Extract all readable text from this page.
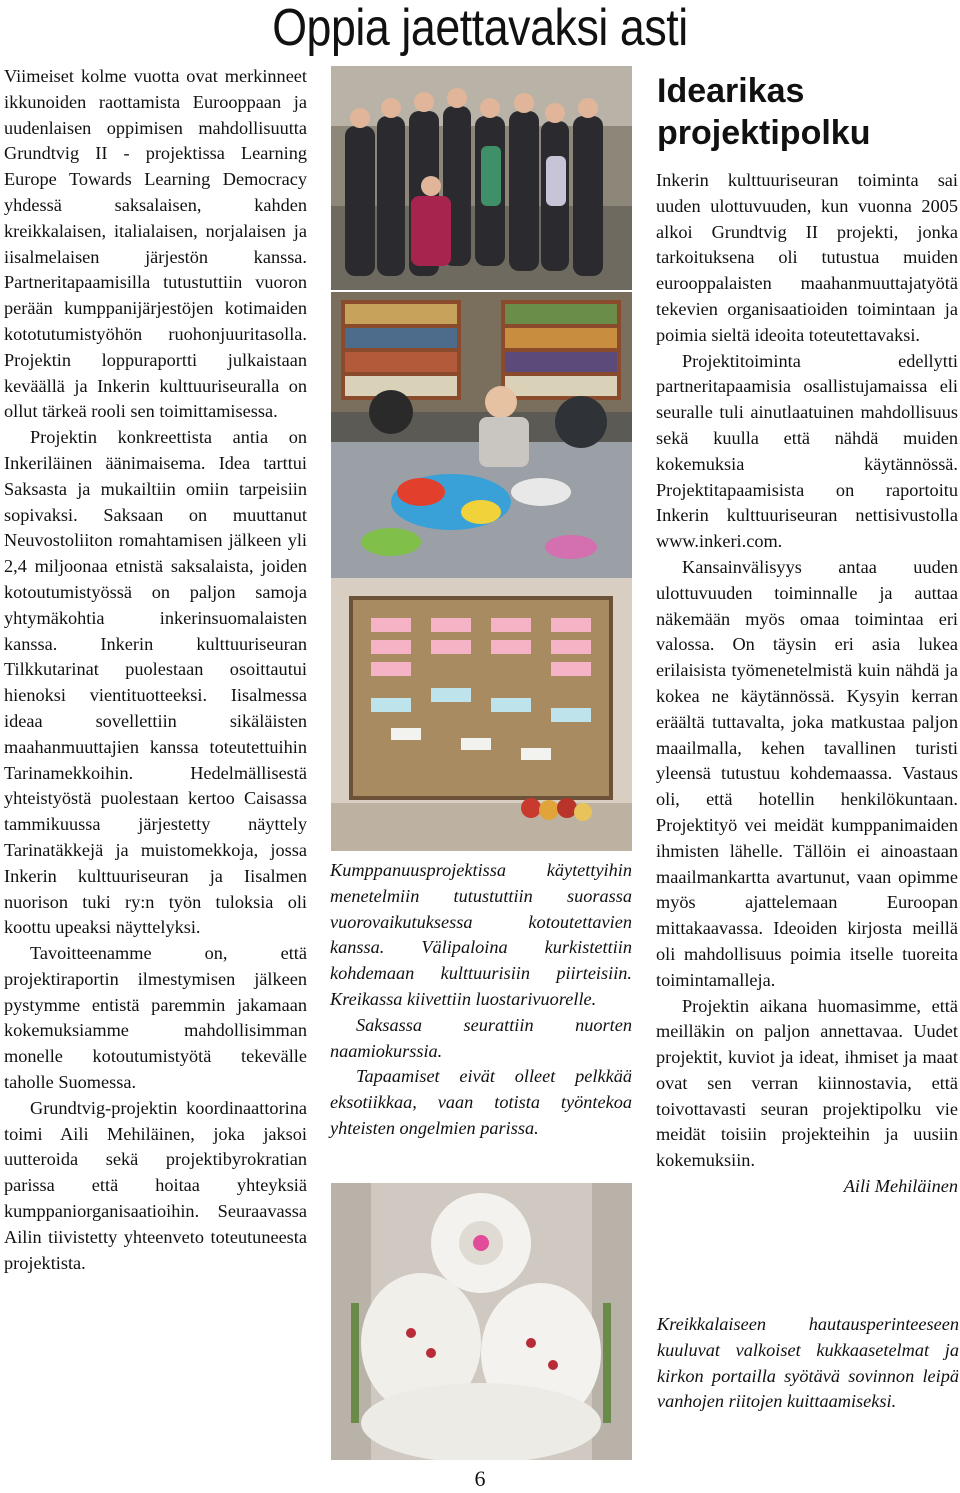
Oppia jaettavaksi asti

Viimeiset kolme vuotta ovat merkinneet ikkunoiden raottamista Eurooppaan ja uudenlaisen oppimisen mahdollisuutta Grundtvig II - projektissa Learning Europe Towards Learning Democracy yhdessä saksalaisen, kahden kreikkalaisen, italialaisen, norjalaisen ja iisalmelaisen järjestön kanssa. Partneritapaamisilla tutustuttiin vuoron perään kumppanijärjestöjen kotimaiden kototutumistyöhön ruohonjuuritasolla. Projektin loppuraportti julkaistaan keväällä ja Inkerin kulttuuriseuralla on ollut tärkeä rooli sen toimittamisessa.

Projektin konkreettista antia on Inkeriläinen äänimaisema. Idea tarttui Saksasta ja mukailtiin omiin tarpeisiin sopivaksi. Saksaan on muuttanut Neuvostoliiton romahtamisen jälkeen yli 2,4 miljoonaa etnistä saksalaista, joiden kotoutumistyössä on paljon samoja yhtymäkohtia inkerinsuomalaisten kanssa. Inkerin kulttuuriseuran Tilkkutarinat puolestaan osoittautui hienoksi vientituotteeksi. Iisalmessa ideaa sovellettiin sikäläisten maahanmuuttajien kanssa toteutettuihin Tarinamekkoihin. Hedelmällisestä yhteistyöstä puolestaan kertoo Caisassa tammikuussa järjestetty näyttely Tarinatäkkejä ja muistomekkoja, jossa Inkerin kulttuuriseuran ja Iisalmen nuorison tuki ry:n työn tuloksia oli koottu upeaksi näyttelyksi.

Tavoitteenamme on, että projektiraportin ilmestymisen jälkeen pystymme entistä paremmin jakamaan kokemuksiamme mahdollisimman monelle kotoutumistyötä tekevälle taholle Suomessa.

Grundtvig-projektin koordinaattorina toimi Aili Mehiläinen, joka jaksoi uutteroida sekä projektibyrokratian parissa että hoitaa yhteyksiä kumppaniorganisaatioihin. Seuraavassa Ailin tiivistetty yhteenveto toteutuneesta projektista.

Kumppanuusprojektissa käytettyihin menetelmiin tutustuttiin suorassa vuorovaikutuksessa kotoutettavien kanssa. Välipaloina kurkistettiin kohdemaan kulttuurisiin piirteisiin. Kreikassa kiivettiin luostarivuorelle.

Saksassa seurattiin nuorten naamiokurssia.

Tapaamiset eivät olleet pelkkää eksotiikkaa, vaan totista työntekoa yhteisten ongelmien parissa.

Idearikas projektipolku

Inkerin kulttuuriseuran toiminta sai uuden ulottuvuuden, kun vuonna 2005 alkoi Grundtvig II projekti, jonka tarkoituksena oli tutustua muiden eurooppalaisten maahanmuuttajatyötä tekevien organisaatioiden toimintaan ja poimia sieltä ideoita toteutettavaksi.

Projektitoiminta edellytti partneritapaamisia osallistujamaissa eli seuralle tuli ainutlaatuinen mahdollisuus sekä kuulla että nähdä muiden kokemuksia käytännössä. Projektitapaamisista on raportoitu Inkerin kulttuuriseuran nettisivustolla www.inkeri.com.

Kansainvälisyys antaa uuden ulottuvuuden toiminnalle ja auttaa näkemään myös omaa toimintaa eri valossa. On täysin eri asia lukea erilaisista työmenetelmistä kuin nähdä ja kokea ne käytännössä. Kysyin kerran eräältä tuttavalta, joka matkustaa paljon maailmalla, kehen tavallinen turisti yleensä tutustuu kohdemaassa. Vastaus oli, että hotellin henkilökuntaan. Projektityö vei meidät kumppanimaiden ihmisten lähelle. Tällöin ei ainoastaan maailmankartta avartunut, vaan opimme myös ajattelemaan Euroopan mittakaavassa. Ideoiden kirjosta meillä oli mahdollisuus poimia itselle tuoreita toimintamalleja.

Projektin aikana huomasimme, että meilläkin on paljon annettavaa. Uudet projektit, kuviot ja ideat, ihmiset ja maat ovat sen verran kiinnostavia, että toivottavasti seuran projektipolku vie meidät toisiin projekteihin ja uusiin kokemuksiin.

Aili Mehiläinen

Kreikkalaiseen hautausperinteeseen kuuluvat valkoiset kukkaasetelmat ja kirkon portailla syötävä sovinnon leipä vanhojen riitojen kuittaamiseksi.
6
